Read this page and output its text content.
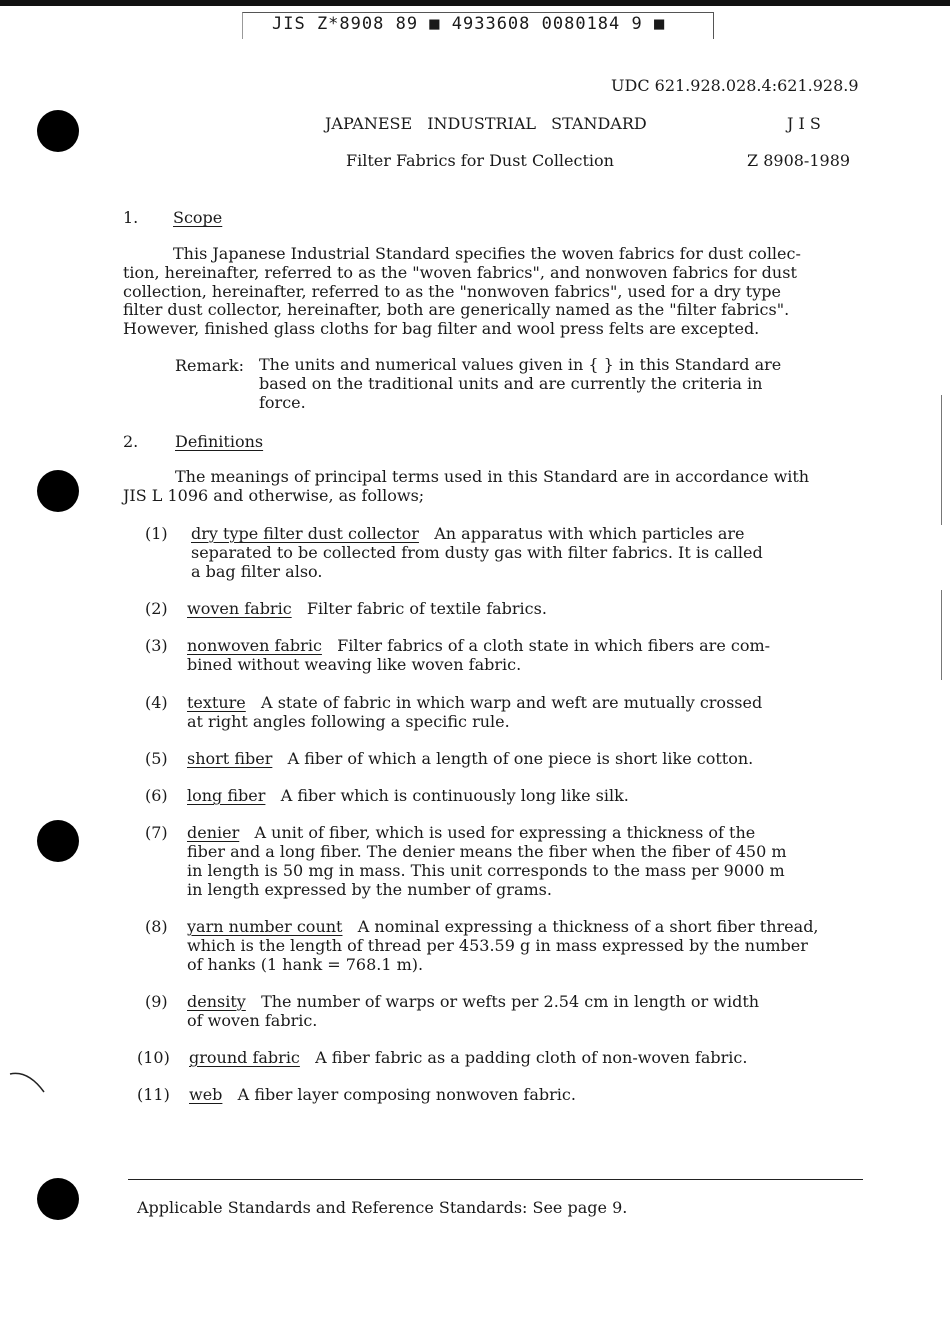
JIS Z*8908 89 ■ 4933608 0080184 9 ■
UDC 621.928.028.4:621.928.9
JAPANESE INDUSTRIAL STANDARD	J I S
Filter Fabrics for Dust Collection	Z 8908-1989
1. Scope
This Japanese Industrial Standard specifies the woven fabrics for dust collec-
tion, hereinafter, referred to as the "woven fabrics", and nonwoven fabrics for dust
collection, hereinafter, referred to as the "nonwoven fabrics", used for a dry type
filter dust collector, hereinafter, both are generically named as the "filter fabrics".
However, finished glass cloths for bag filter and wool press felts are excepted.
Remark: The units and numerical values given in { } in this Standard are
based on the traditional units and are currently the criteria in
force.
2. Definitions
The meanings of principal terms used in this Standard are in accordance with
JIS L 1096 and otherwise, as follows;
(1) dry type filter dust collector An apparatus with which particles are
separated to be collected from dusty gas with filter fabrics. It is called
a bag filter also.
(2) woven fabric Filter fabric of textile fabrics.
(3) nonwoven fabric Filter fabrics of a cloth state in which fibers are com-
bined without weaving like woven fabric.
(4) texture A state of fabric in which warp and weft are mutually crossed
at right angles following a specific rule.
(5) short fiber A fiber of which a length of one piece is short like cotton.
(6) long fiber A fiber which is continuously long like silk.
(7) denier A unit of fiber, which is used for expressing a thickness of the
fiber and a long fiber. The denier means the fiber when the fiber of 450 m
in length is 50 mg in mass. This unit corresponds to the mass per 9000 m
in length expressed by the number of grams.
(8) yarn number count A nominal expressing a thickness of a short fiber thread,
which is the length of thread per 453.59 g in mass expressed by the number
of hanks (1 hank = 768.1 m).
(9) density The number of warps or wefts per 2.54 cm in length or width
of woven fabric.
(10) ground fabric A fiber fabric as a padding cloth of non-woven fabric.
(11) web A fiber layer composing nonwoven fabric.
Applicable Standards and Reference Standards: See page 9.
